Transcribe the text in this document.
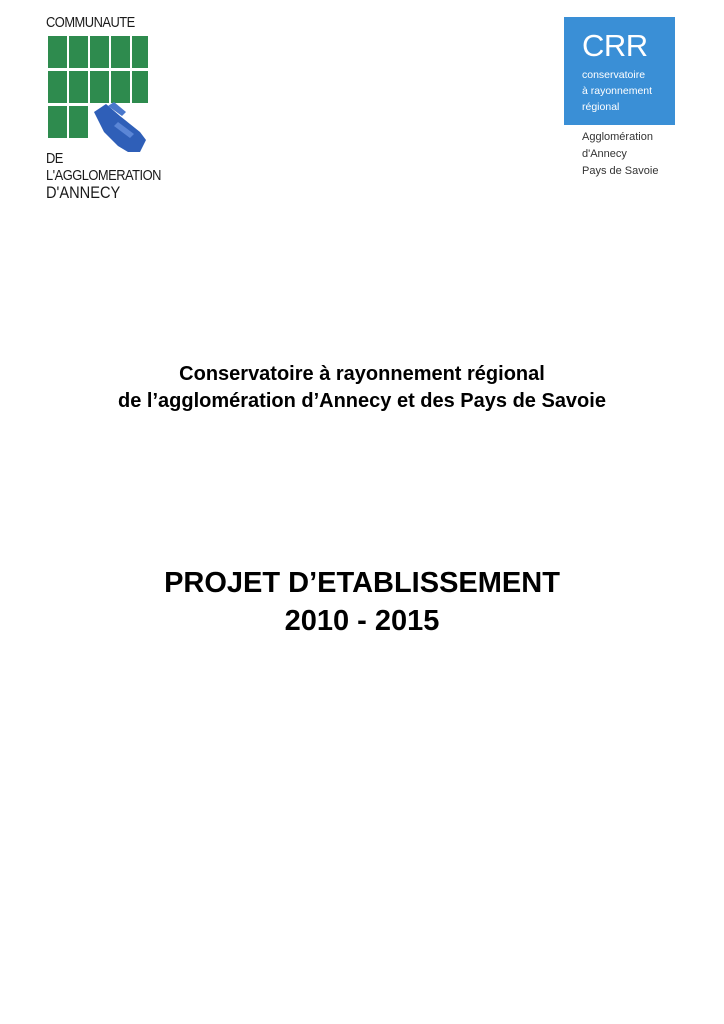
COMMUNAUTE
DE
L'AGGLOMERATION
D'ANNECY
CRR
conservatoire
à rayonnement
régional
Agglomération
d'Annecy
Pays de Savoie
Conservatoire à rayonnement régional
de l’agglomération d’Annecy et des Pays de Savoie
PROJET D’ETABLISSEMENT
2010 - 2015
